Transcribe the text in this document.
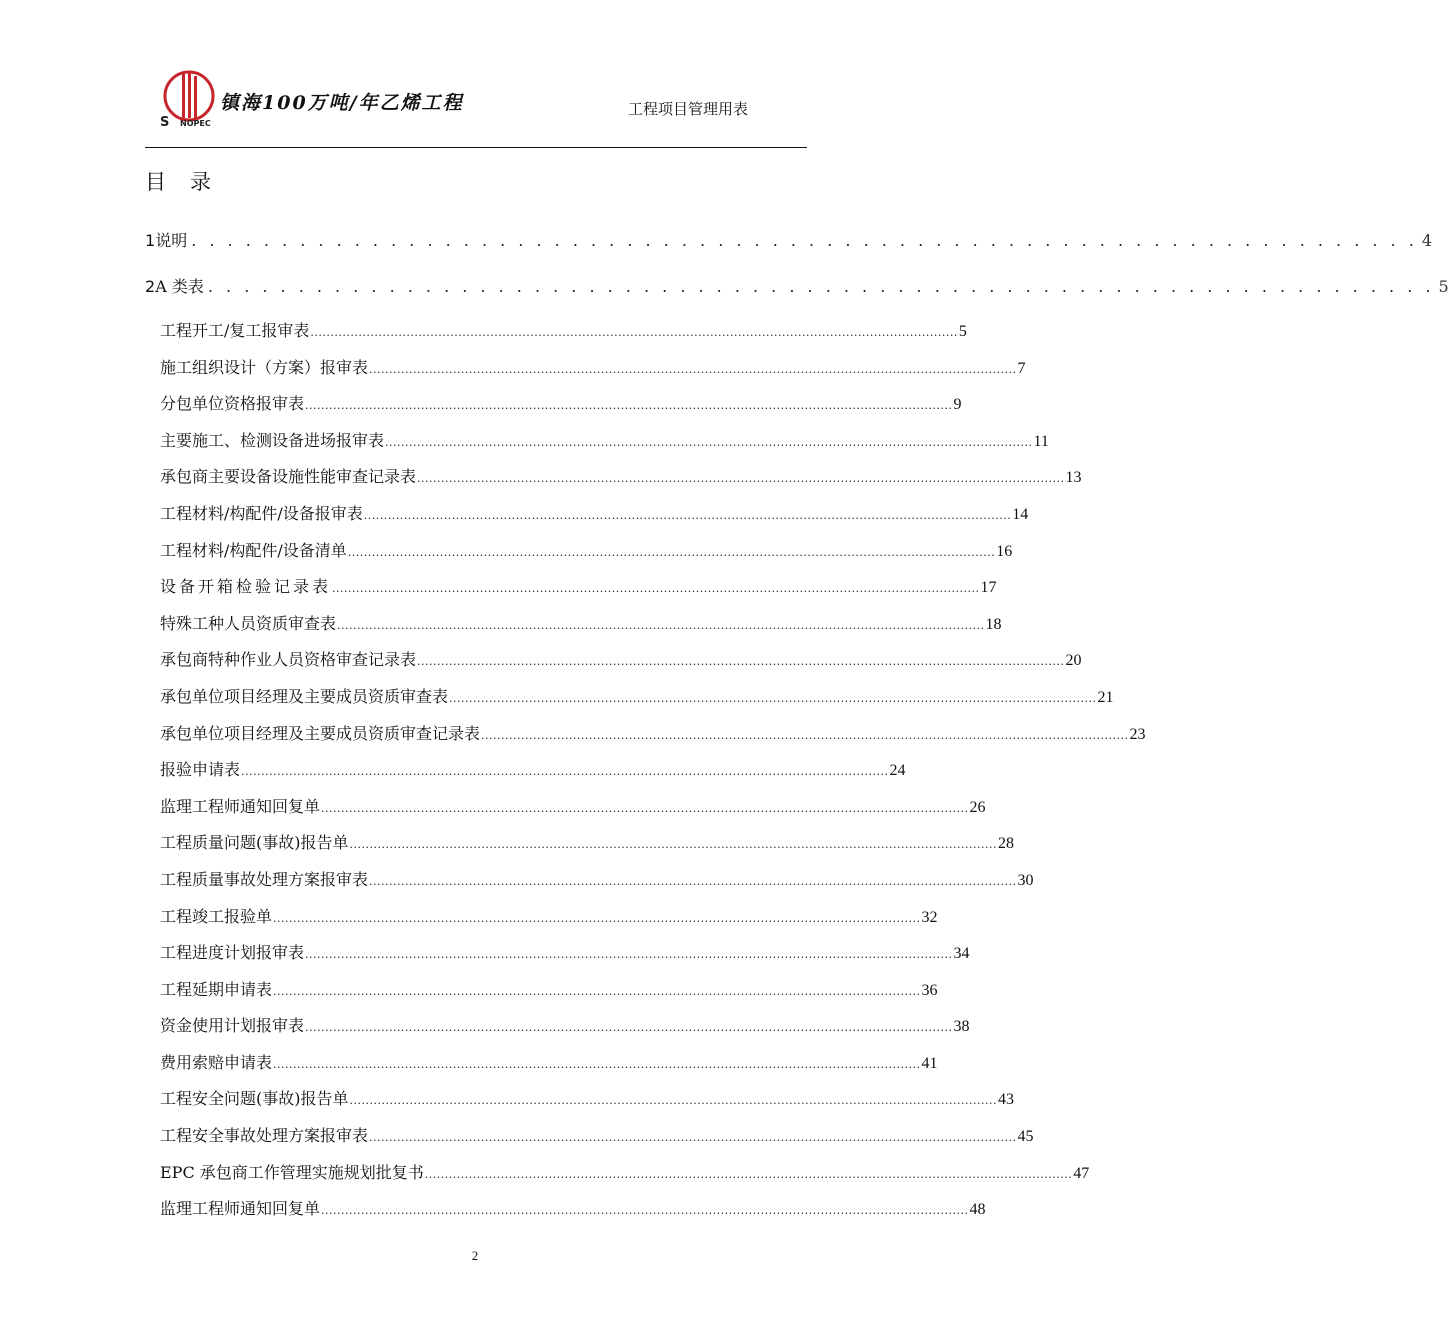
S NOPEC
镇海100万吨/年乙烯工程	工程项目管理用表
目录
1 说明 . . . . . . . . . . . . . . . . . . . . . . . . . . . . . . . . . . . . . . . . . . . . . . . . . . . . . . . . . . . . . . . . . . . . 4
2 A 类表 . . . . . . . . . . . . . . . . . . . . . . . . . . . . . . . . . . . . . . . . . . . . . . . . . . . . . . . . . . . . . . . . . . . . 5
工程开工/复工报审表 .................................................................................................................................................................. 5
施工组织设计（方案）报审表 .................................................................................................................................................................. 7
分包单位资格报审表 .................................................................................................................................................................. 9
主要施工、检测设备进场报审表 .................................................................................................................................................................. 11
承包商主要设备设施性能审查记录表 .................................................................................................................................................................. 13
工程材料/构配件/设备报审表 .................................................................................................................................................................. 14
工程材料/构配件/设备清单 .................................................................................................................................................................. 16
设备开箱检验记录表 .................................................................................................................................................................. 17
特殊工种人员资质审查表 .................................................................................................................................................................. 18
承包商特种作业人员资格审查记录表 .................................................................................................................................................................. 20
承包单位项目经理及主要成员资质审查表 .................................................................................................................................................................. 21
承包单位项目经理及主要成员资质审查记录表 .................................................................................................................................................................. 23
报验申请表 .................................................................................................................................................................. 24
监理工程师通知回复单 .................................................................................................................................................................. 26
工程质量问题(事故)报告单 .................................................................................................................................................................. 28
工程质量事故处理方案报审表 .................................................................................................................................................................. 30
工程竣工报验单 .................................................................................................................................................................. 32
工程进度计划报审表 .................................................................................................................................................................. 34
工程延期申请表 .................................................................................................................................................................. 36
资金使用计划报审表 .................................................................................................................................................................. 38
费用索赔申请表 .................................................................................................................................................................. 41
工程安全问题(事故)报告单 .................................................................................................................................................................. 43
工程安全事故处理方案报审表 .................................................................................................................................................................. 45
EPC 承包商工作管理实施规划批复书 .................................................................................................................................................................. 47
监理工程师通知回复单 .................................................................................................................................................................. 48
2
